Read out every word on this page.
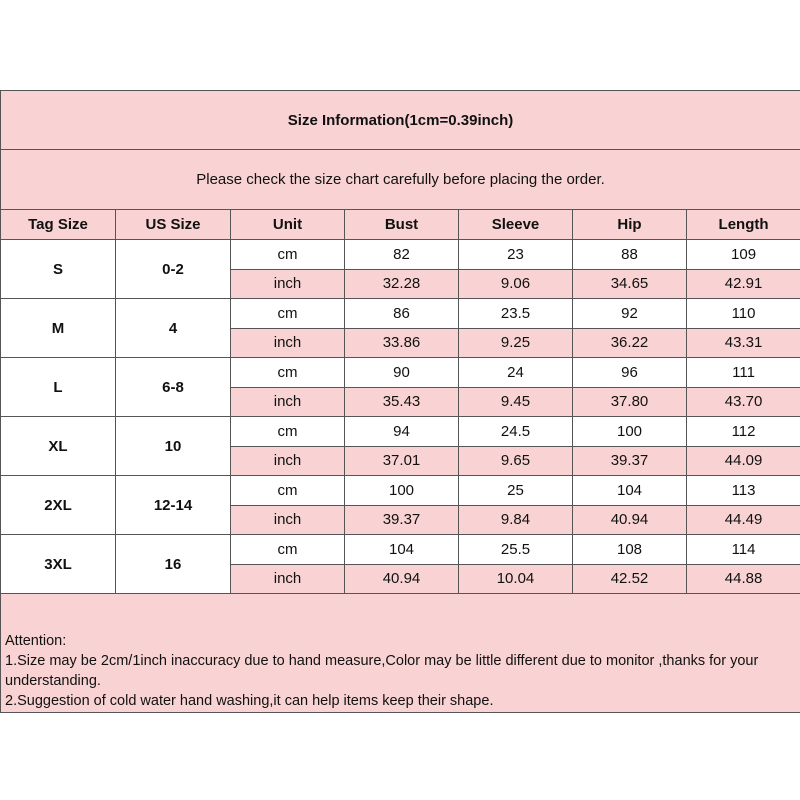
Size Information(1cm=0.39inch)						
Please check the size chart carefully before placing the order.						
Tag Size	US Size	Unit	Bust	Sleeve	Hip	Length
S	0-2	cm	82	23	88	109
		inch	32.28	9.06	34.65	42.91
M	4	cm	86	23.5	92	110
		inch	33.86	9.25	36.22	43.31
L	6-8	cm	90	24	96	111
		inch	35.43	9.45	37.80	43.70
XL	10	cm	94	24.5	100	112
		inch	37.01	9.65	39.37	44.09
2XL	12-14	cm	100	25	104	113
		inch	39.37	9.84	40.94	44.49
3XL	16	cm	104	25.5	108	114
		inch	40.94	10.04	42.52	44.88

Attention:
1.Size may be 2cm/1inch inaccuracy due to hand measure,Color may be little different due to monitor ,thanks for your understanding.
2.Suggestion of cold water hand washing,it can help items keep their shape.						
